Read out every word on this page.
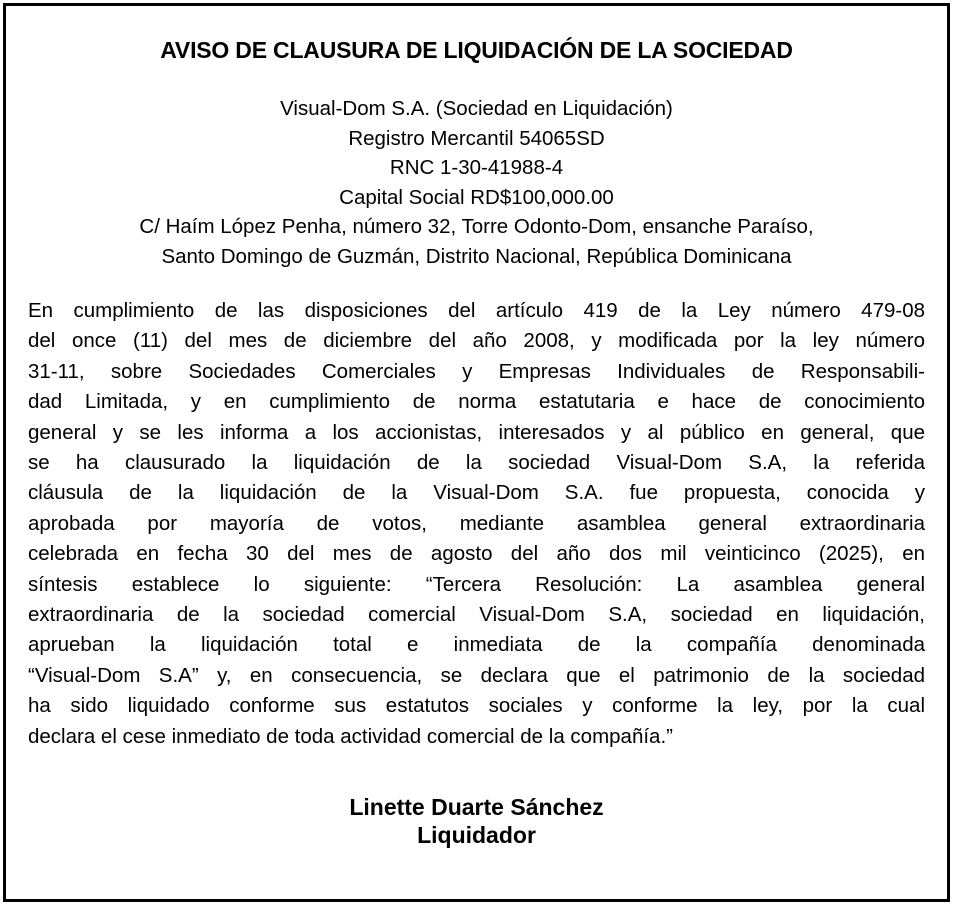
AVISO DE CLAUSURA DE LIQUIDACIÓN DE LA SOCIEDAD
Visual-Dom S.A. (Sociedad en Liquidación)
Registro Mercantil 54065SD
RNC 1-30-41988-4
Capital Social RD$100,000.00
C/ Haím López Penha, número 32, Torre Odonto-Dom, ensanche Paraíso,
Santo Domingo de Guzmán, Distrito Nacional, República Dominicana
En cumplimiento de las disposiciones del artículo 419 de la Ley número 479-08
del once (11) del mes de diciembre del año 2008, y modificada por la ley número
31-11, sobre Sociedades Comerciales y Empresas Individuales de Responsabili-
dad Limitada, y en cumplimiento de norma estatutaria e hace de conocimiento
general y se les informa a los accionistas, interesados y al público en general, que
se ha clausurado la liquidación de la sociedad Visual-Dom S.A, la referida
cláusula de la liquidación de la Visual-Dom S.A. fue propuesta, conocida y
aprobada por mayoría de votos, mediante asamblea general extraordinaria
celebrada en fecha 30 del mes de agosto del año dos mil veinticinco (2025), en
síntesis establece lo siguiente: “Tercera Resolución: La asamblea general
extraordinaria de la sociedad comercial Visual-Dom S.A, sociedad en liquidación,
aprueban la liquidación total e inmediata de la compañía denominada
“Visual-Dom S.A” y, en consecuencia, se declara que el patrimonio de la sociedad
ha sido liquidado conforme sus estatutos sociales y conforme la ley, por la cual
declara el cese inmediato de toda actividad comercial de la compañía.”
Linette Duarte Sánchez
Liquidador
